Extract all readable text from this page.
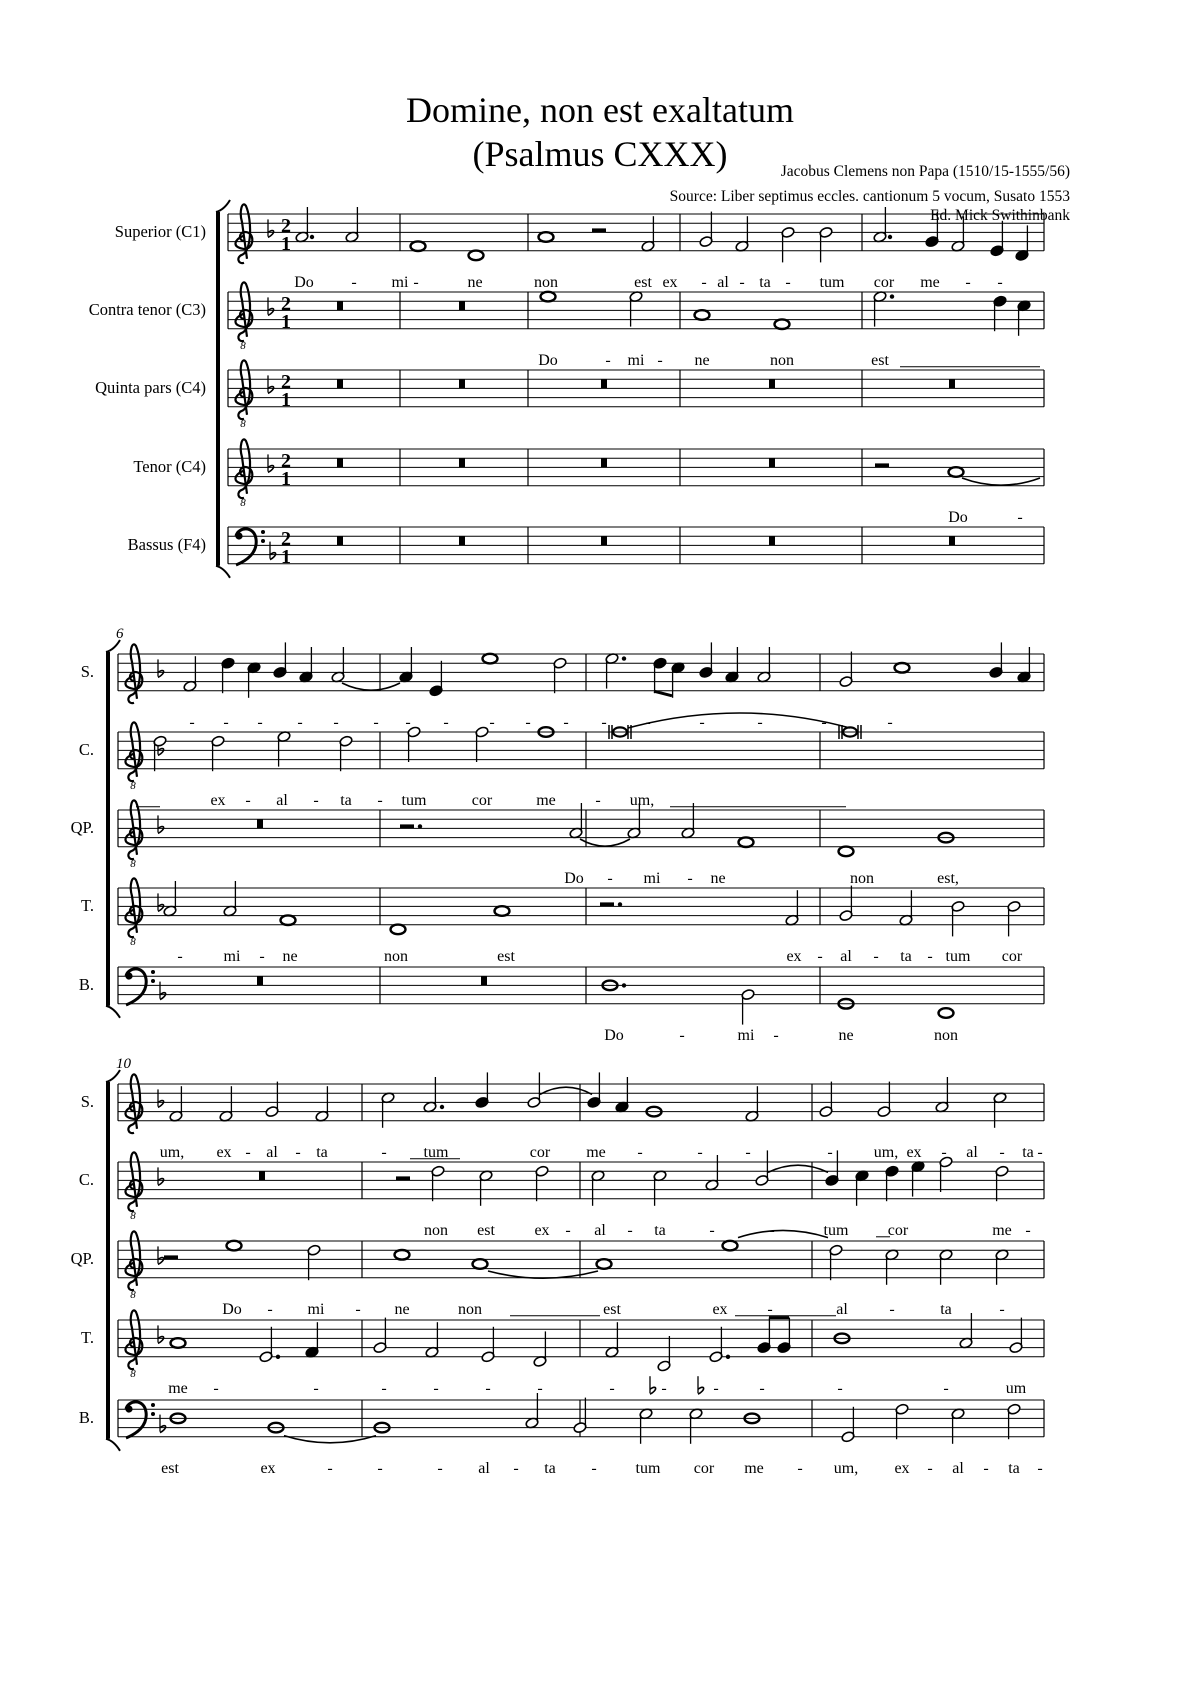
Domine, non est exaltatum
(Psalmus CXXX)	Jacobus Clemens non Papa (1510/15-1555/56)
Source: Liber septimus eccles. cantionum 5 vocum, Susato 1553
Ed. Mick Swithinbank
Superior (C1)	2
1
Contra tenor (C3)
8
2
1
Quinta pars (C4)
8
2
1
Tenor (C4)
8
2
1
Bassus (F4)	2
1
6
S.
C.
8
QP.
8
T.
8
B.
10
S.
C.
8
QP.
8
T.
8
B.
Do - mi -	ne	non	est ex - al - ta - tum cor me	-
-
Do	- mi - ne	non	est
Do	-
- - - - - - - -	- - - - -	-	-	-	-
ex - al - ta - tum	cor	me - um,
Do - mi - ne	non	est,
-	mi - ne	non	est	ex - al - ta - tum cor
Do	-	mi -	ne	non
um, ex - al - ta	- tum	cor me -	-	-	-	um, ex - al - ta -
non est ex - al - ta	-	-	tum cor	me -
Do - mi - ne	non	est	ex -	al	-	ta	-
me -	-	-	-	-	-	-	-	-	-	-	-	um
est	ex	-	-	- al - ta - tum cor me - um, ex - al - ta -
